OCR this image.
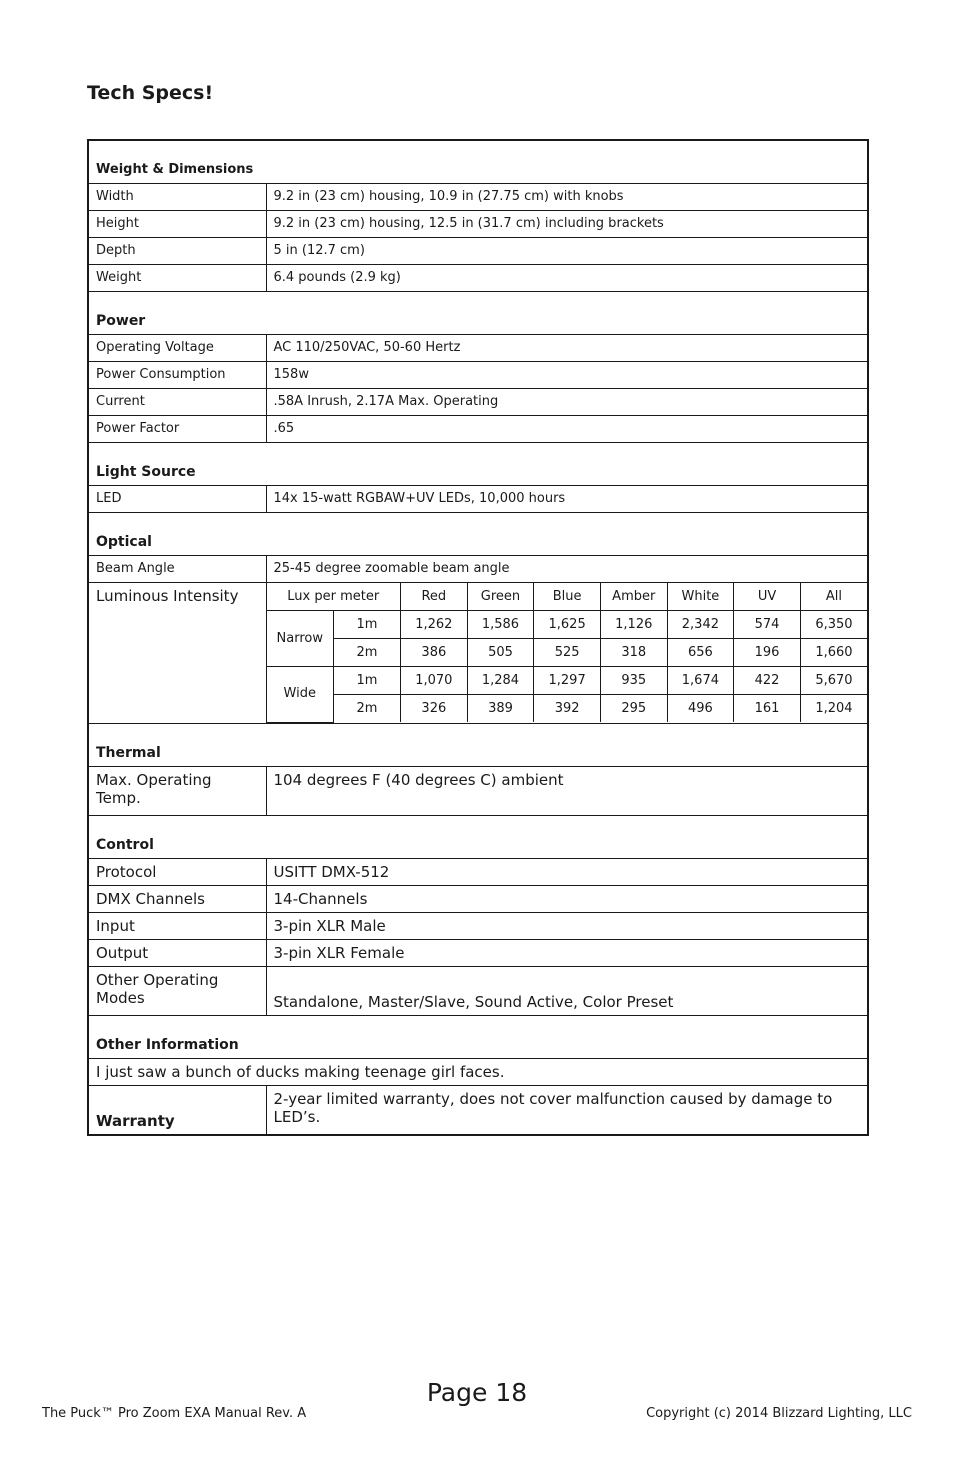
Tech Specs!
Weight & Dimensions
Width	9.2 in (23 cm) housing, 10.9 in (27.75 cm) with knobs
Height	9.2 in (23 cm) housing, 12.5 in (31.7 cm) including brackets
Depth	5 in (12.7 cm)
Weight	6.4 pounds (2.9 kg)
Power
Operating Voltage	AC 110/250VAC, 50-60 Hertz
Power Consumption	158w
Current	.58A Inrush, 2.17A Max. Operating
Power Factor	.65
Light Source
LED	14x 15-watt RGBAW+UV LEDs, 10,000 hours
Optical
Beam Angle	25-45 degree zoomable beam angle
Luminous Intensity		Lux per meter	Red	Green	Blue	Amber	White	UV	All
Narrow	1m	1,262	1,586	1,625	1,126	2,342	574	6,350
2m	386	505	525	318	656	196	1,660
Wide	1m	1,070	1,284	1,297	935	1,674	422	5,670
2m	326	389	392	295	496	161	1,204

Thermal
Max. Operating Temp.	104 degrees F (40 degrees C) ambient
Control
Protocol	USITT DMX-512
DMX Channels	14-Channels
Input	3-pin XLR Male
Output	3-pin XLR Female
Other Operating Modes	Standalone, Master/Slave, Sound Active, Color Preset
Other Information
I just saw a bunch of ducks making teenage girl faces.
Warranty	2-year limited warranty, does not cover malfunction caused by damage to LED’s.
Page 18
The Puck™ Pro Zoom EXA Manual Rev. A	Copyright (c) 2014 Blizzard Lighting, LLC
